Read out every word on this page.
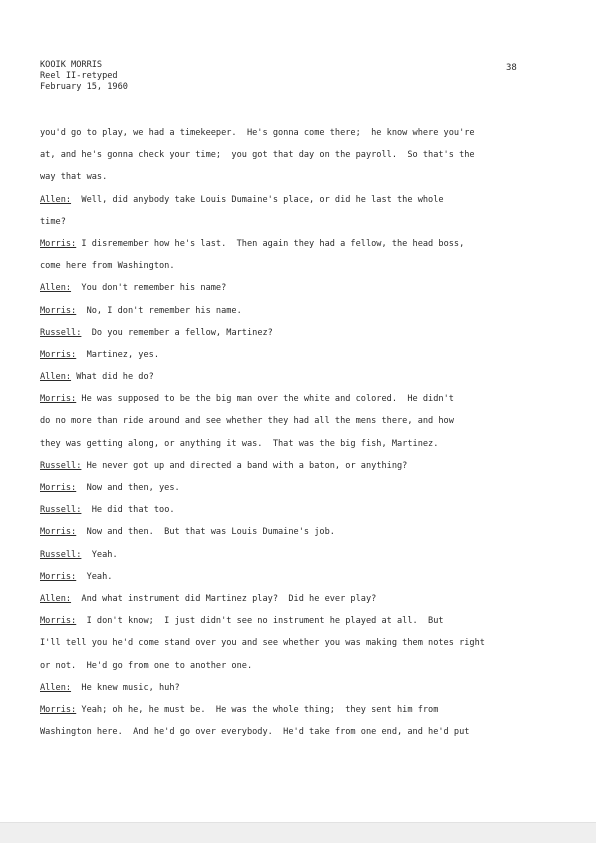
KOOIK MORRIS
Reel II-retyped
February 15, 1960
38
you'd go to play, we had a timekeeper.  He's gonna come there;  he know where you're
at, and he's gonna check your time;  you got that day on the payroll.  So that's the
way that was.
Allen:  Well, did anybody take Louis Dumaine's place, or did he last the whole
time?
Morris: I disremember how he's last.  Then again they had a fellow, the head boss,
come here from Washington.
Allen:  You don't remember his name?
Morris:  No, I don't remember his name.
Russell:  Do you remember a fellow, Martinez?
Morris:  Martinez, yes.
Allen: What did he do?
Morris: He was supposed to be the big man over the white and colored.  He didn't
do no more than ride around and see whether they had all the mens there, and how
they was getting along, or anything it was.  That was the big fish, Martinez.
Russell: He never got up and directed a band with a baton, or anything?
Morris:  Now and then, yes.
Russell:  He did that too.
Morris:  Now and then.  But that was Louis Dumaine's job.
Russell:  Yeah.
Morris:  Yeah.
Allen:  And what instrument did Martinez play?  Did he ever play?
Morris:  I don't know;  I just didn't see no instrument he played at all.  But
I'll tell you he'd come stand over you and see whether you was making them notes right
or not.  He'd go from one to another one.
Allen:  He knew music, huh?
Morris: Yeah; oh he, he must be.  He was the whole thing;  they sent him from
Washington here.  And he'd go over everybody.  He'd take from one end, and he'd put
